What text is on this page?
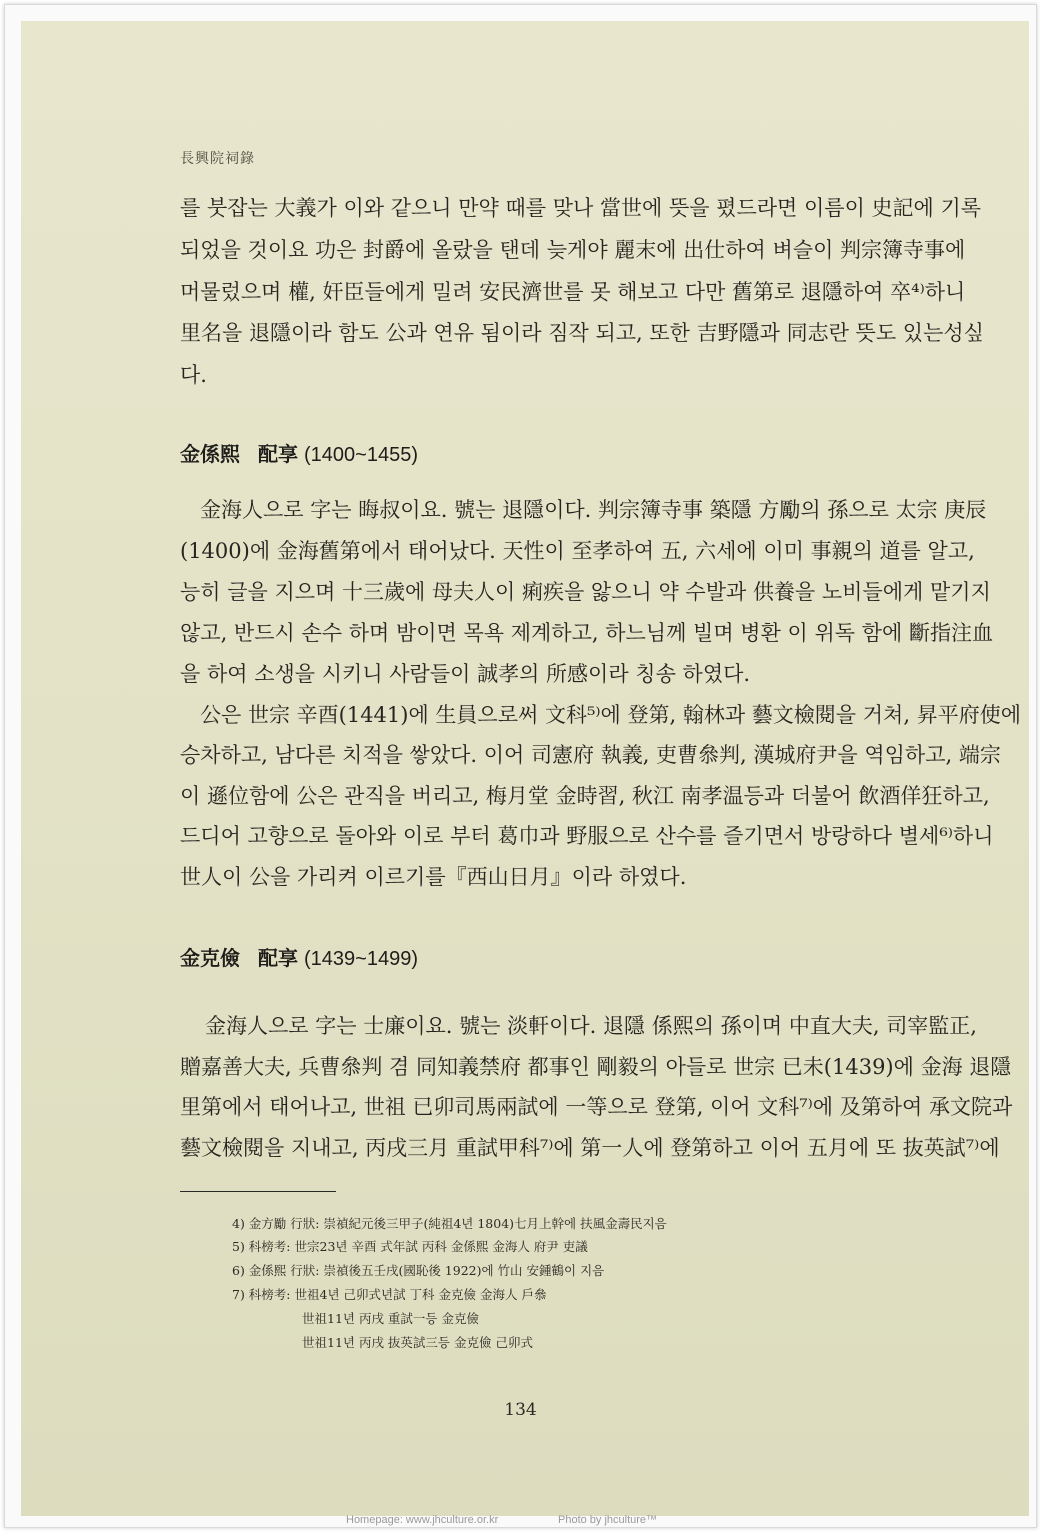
長興院祠錄
를 붓잡는 大義가 이와 같으니 만약 때를 맞나 當世에 뜻을 폈드라면 이름이 史記에 기록
되었을 것이요 功은 封爵에 올랐을 탠데 늦게야 麗末에 出仕하여 벼슬이 判宗簿寺事에
머물렀으며 權, 奸臣들에게 밀려 安民濟世를 못 해보고 다만 舊第로 退隱하여 卒⁴⁾하니
里名을 退隱이라 함도 公과 연유 됨이라 짐작 되고, 또한 吉野隱과 同志란 뜻도 있는성싶
다.
金係熙 配享 (1400~1455)
金海人으로 字는 晦叔이요. 號는 退隱이다. 判宗簿寺事 築隱 方勵의 孫으로 太宗 庚辰
(1400)에 金海舊第에서 태어났다. 天性이 至孝하여 五, 六세에 이미 事親의 道를 알고,
능히 글을 지으며 十三歲에 母夫人이 痢疾을 앓으니 약 수발과 供養을 노비들에게 맡기지
않고, 반드시 손수 하며 밤이면 목욕 제계하고, 하느님께 빌며 병환 이 위독 함에 斷指注血
을 하여 소생을 시키니 사람들이 誠孝의 所感이라 칭송 하였다.
公은 世宗 辛酉(1441)에 生員으로써 文科⁵⁾에 登第, 翰林과 藝文檢閱을 거쳐, 昇平府使에
승차하고, 남다른 치적을 쌓았다. 이어 司憲府 執義, 吏曹叅判, 漢城府尹을 역임하고, 端宗
이 遜位함에 公은 관직을 버리고, 梅月堂 金時習, 秋江 南孝温등과 더불어 飲酒佯狂하고,
드디어 고향으로 돌아와 이로 부터 葛巾과 野服으로 산수를 즐기면서 방랑하다 별세⁶⁾하니
世人이 公을 가리켜 이르기를『西山日月』이라 하였다.
金克儉 配享 (1439~1499)
金海人으로 字는 士廉이요. 號는 淡軒이다. 退隱 係熙의 孫이며 中直大夫, 司宰監正,
贈嘉善大夫, 兵曹叅判 겸 同知義禁府 都事인 剛毅의 아들로 世宗 已未(1439)에 金海 退隱
里第에서 태어나고, 世祖 已卯司馬兩試에 一等으로 登第, 이어 文科⁷⁾에 及第하여 承文院과
藝文檢閱을 지내고, 丙戌三月 重試甲科⁷⁾에 第一人에 登第하고 이어 五月에 또 抜英試⁷⁾에
4) 金方勵 行狀: 崇禎紀元後三甲子(純祖4년 1804)七月上幹에 扶風金壽民지음
5) 科榜考: 世宗23년 辛酉 式年試 丙科 金係熙 金海人 府尹 吏議
6) 金係熙 行狀: 崇禎後五壬戌(國恥後 1922)에 竹山 安鍾鶴이 지음
7) 科榜考: 世祖4년 己卯式년試 丁科 金克儉 金海人 戶叅
世祖11년 丙戌 重試一등 金克儉
世祖11년 丙戌 抜英試三등 金克儉 己卯式
134
Homepage: www.jhculture.or.kr	Photo by jhculture™
